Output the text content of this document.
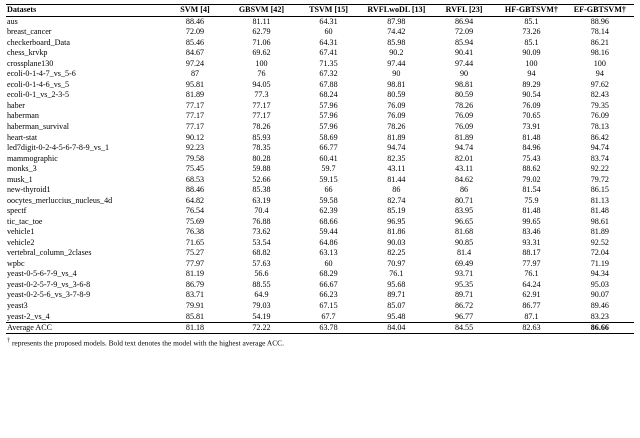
Datasets	SVM [4]	GBSVM [42]	TSVM [15]	RVFLwoDL [13]	RVFL [23]	HF-GBTSVM†	EF-GBTSVM†
aus	88.46	81.11	64.31	87.98	86.94	85.1	88.96
breast_cancer	72.09	62.79	60	74.42	72.09	73.26	78.14
checkerboard_Data	85.46	71.06	64.31	85.98	85.94	85.1	86.21
chess_krvkp	84.67	69.62	67.41	90.2	90.41	90.09	98.16
crossplane130	97.24	100	71.35	97.44	97.44	100	100
ecoli-0-1-4-7_vs_5-6	87	76	67.32	90	90	94	94
ecoli-0-1-4-6_vs_5	95.81	94.05	67.88	98.81	98.81	89.29	97.62
ecoli-0-1_vs_2-3-5	81.89	77.3	68.24	80.59	80.59	90.54	82.43
haber	77.17	77.17	57.96	76.09	78.26	76.09	79.35
haberman	77.17	77.17	57.96	76.09	76.09	70.65	76.09
haberman_survival	77.17	78.26	57.96	78.26	76.09	73.91	78.13
heart-stat	90.12	85.93	58.69	81.89	81.89	81.48	86.42
led7digit-0-2-4-5-6-7-8-9_vs_1	92.23	78.35	66.77	94.74	94.74	84.96	94.74
mammographic	79.58	80.28	60.41	82.35	82.01	75.43	83.74
monks_3	75.45	59.88	59.7	43.11	43.11	88.62	92.22
musk_1	68.53	52.66	59.15	81.44	84.62	79.02	79.72
new-thyroid1	88.46	85.38	66	86	86	81.54	86.15
oocytes_merluccius_nucleus_4d	64.82	63.19	59.58	82.74	80.71	75.9	81.13
spectf	76.54	70.4	62.39	85.19	83.95	81.48	81.48
tic_tac_toe	75.69	76.88	68.66	96.95	96.65	99.65	98.61
vehicle1	76.38	73.62	59.44	81.86	81.68	83.46	81.89
vehicle2	71.65	53.54	64.86	90.03	90.85	93.31	92.52
vertebral_column_2clases	75.27	68.82	63.13	82.25	81.4	88.17	72.04
wpbc	77.97	57.63	60	70.97	69.49	77.97	71.19
yeast-0-5-6-7-9_vs_4	81.19	56.6	68.29	76.1	93.71	76.1	94.34
yeast-0-2-5-7-9_vs_3-6-8	86.79	88.55	66.67	95.68	95.35	64.24	95.03
yeast-0-2-5-6_vs_3-7-8-9	83.71	64.9	66.23	89.71	89.71	62.91	90.07
yeast3	79.91	79.03	67.15	85.07	86.72	86.77	89.46
yeast-2_vs_4	85.81	54.19	67.7	95.48	96.77	87.1	83.23
Average ACC	81.18	72.22	63.78	84.04	84.55	82.63	86.66
† represents the proposed models. Bold text denotes the model with the highest average ACC.
